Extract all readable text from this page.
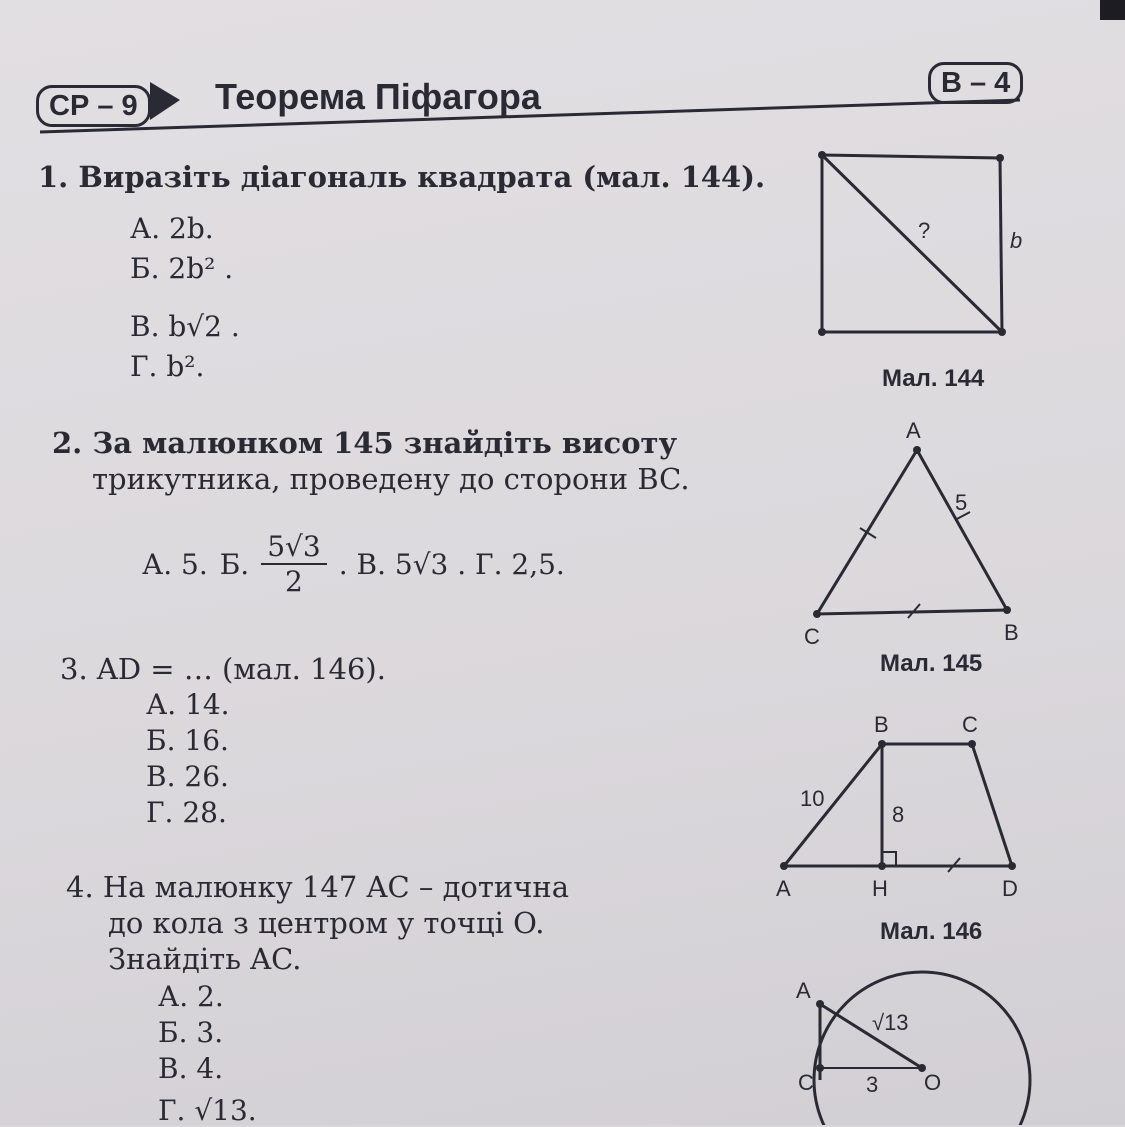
СР – 9	Теорема Піфагора	В – 4
1. Виразіть діагональ квадрата (мал. 144).
А. 2b.
Б. 2b² .
В. b√2 .
Г. b².
?	b
Мал. 144
2. За малюнком 145 знайдіть висоту
трикутника, проведену до сторони BC.
А. 5. Б. $\frac{5√3}{2}$ . В. 5√3 . Г. 2,5.
A
5
C	B
Мал. 145
3. AD = … (мал. 146).
А. 14.
Б. 16.
В. 26.
Г. 28.
B	C
10
8
A	H	D
Мал. 146
4. На малюнку 147 AC – дотична
до кола з центром у точці O.
Знайдіть AC.
А. 2.
Б. 3.
В. 4.
Г. √13.
A
√13
C 3 O
